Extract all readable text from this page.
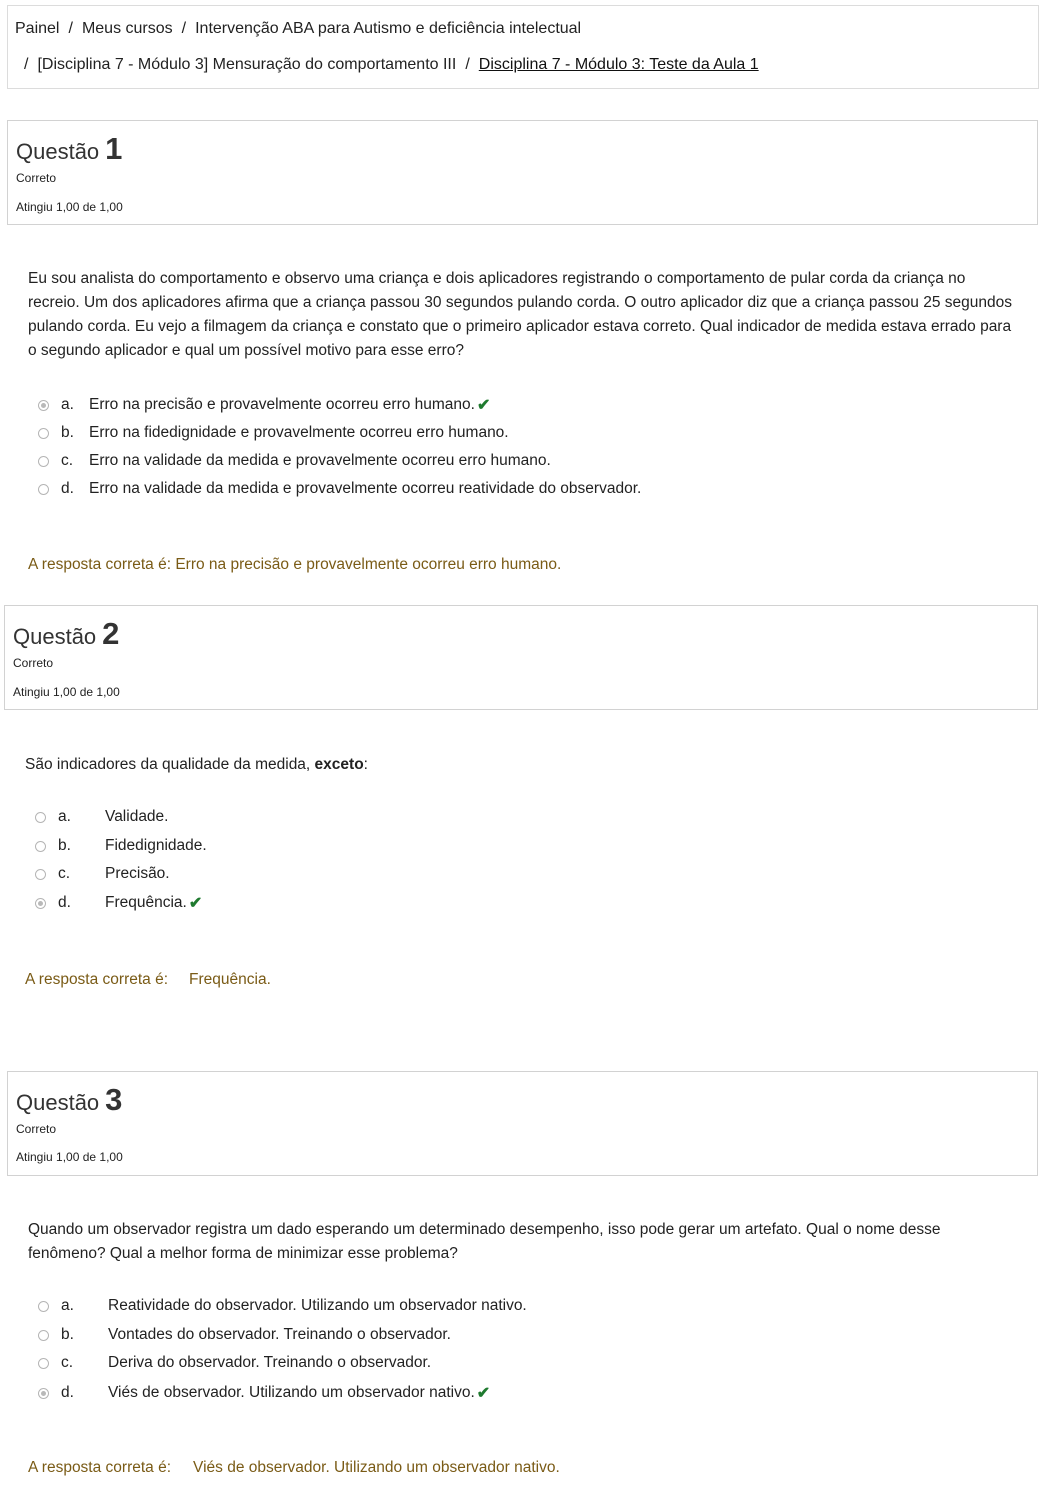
Painel / Meus cursos / Intervenção ABA para Autismo e deficiência intelectual
/ [Disciplina 7 - Módulo 3] Mensuração do comportamento III / Disciplina 7 - Módulo 3: Teste da Aula 1
Questão 1
Correto
Atingiu 1,00 de 1,00
Eu sou analista do comportamento e observo uma criança e dois aplicadores registrando o comportamento de pular corda da criança no recreio. Um dos aplicadores afirma que a criança passou 30 segundos pulando corda. O outro aplicador diz que a criança passou 25 segundos pulando corda. Eu vejo a filmagem da criança e constato que o primeiro aplicador estava correto. Qual indicador de medida estava errado para o segundo aplicador e qual um possível motivo para esse erro?
a. Erro na precisão e provavelmente ocorreu erro humano. ✔
b. Erro na fidedignidade e provavelmente ocorreu erro humano.
c.	Erro na validade da medida e provavelmente ocorreu erro humano.
d. Erro na validade da medida e provavelmente ocorreu reatividade do observador.
A resposta correta é: Erro na precisão e provavelmente ocorreu erro humano.
Questão 2
Correto
Atingiu 1,00 de 1,00
São indicadores da qualidade da medida, exceto:
a.	Validade.
b.	Fidedignidade.
c.	Precisão.
d.	Frequência. ✔
A resposta correta é: Frequência.
Questão 3
Correto
Atingiu 1,00 de 1,00
Quando um observador registra um dado esperando um determinado desempenho, isso pode gerar um artefato. Qual o nome desse fenômeno? Qual a melhor forma de minimizar esse problema?
a.	Reatividade do observador. Utilizando um observador nativo.
b.	Vontades do observador. Treinando o observador.
c.	Deriva do observador. Treinando o observador.
d.	Viés de observador. Utilizando um observador nativo. ✔
A resposta correta é: Viés de observador. Utilizando um observador nativo.
